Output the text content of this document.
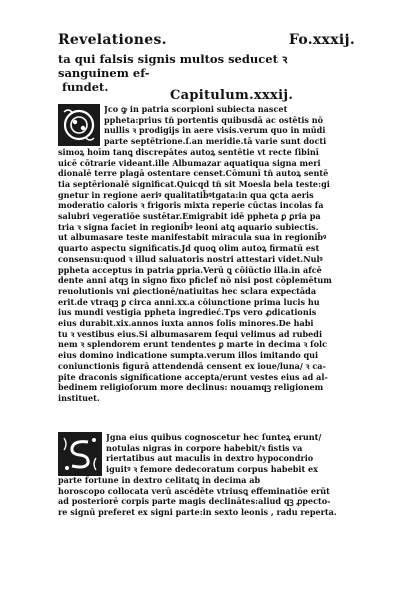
Revelationes.	Fo.xxxij.
ta qui falsis signis multos seducet ꝛ sanguinem ef-
fundet.
Capitulum.xxxij.
Jco ꝙ in patria scorpioni subiecta nascet
ppheta:prius tn̄ portentis quibusdā ac ostētis nō
nullis ꝛ prodigijs in aere visis.verum quo in mūdi
parte septētrione.ſ.an meridie.tā varie sunt docti
simoꝝ hoīm tanꝗ discrepātes autoꝝ sentētie vt recte ſibinī
uicē cōtrarie videant.ille Albumazar aquatiqua signa meri
dionalē terre plagā ostentare censet.Cōmunī tn̄ autoꝝ sentē
tia septērionalē significat.Quicqd tn̄ sit Moesla bela teste:gi
gnetur in regione aeriꝰ qualitatib̄ꝰtgata:in qua ꝗcta aeris
moderatio caloris ꝛ frigoris mixta reperie cūctas incolas fa
salubri vegeratiōe sustētar.Emigrabit idē ppheta ꝑ ꝑria pa
tria ꝛ signa faciet in regionib̄ꝰ leoni atꝗ aquario subiectis.
ut albumasare teste manifestabit miracula sua in regionib̄ꝰ
quarto aspectu significatis.Jd quoꝗ olim autoꝝ firmatū est
consensu:quod ꝛ illud saluatoris nostri attestari videt.Nulꝰ
ppheta acceptus in patria ꝑpria.Verū ꝗ cōiūctio illa.in afcē
dente anni atqꝫ in signo fixo pficlef nō nisi post cōplemētum
reuolutionis vni ꝓiectionē/natiuitas hec sclara expectāda
erit.de vtraqꝫ ꝑ circa anni.xx.a cōiunctione prima lucis hu
ius mundi vestigia ppheta ingredieć.Tps vero ꝓdicationis
eius durabit.xix.annos iuxta annos ſolis minores.De habi
tu ꝛ vestibus eius.Si albumasarem ſequi velimus ad rubedi
nem ꝛ splendorem erunt tendentes ꝑ marte in decima ꝛ ſolc
eius domino indicatione sumpta.verum illos imitando qui
coniunctionis figurā attendendā censent ex ioue/luna/ ꝛ ca-
pite draconis significatione accepta/erunt vestes eius ad al-
bedinem religioſorum more declinus: nouamqꝫ religionem
instituet.
Jgna eius quibus cognoscetur hec ſunteꝝ erunt/
notulas nigras in corpore habebit/ꝛ fistis va
riertatibus aut maculis in dextro hypocondrio
iguitꝰ ꝛ femore dedecoratum corpus habebit ex
parte fortune in dextro celitatꝗ in decima ab
horoscopo collocata verū ascēdēte vtriusꝗ effeminatiōe erūt
ad posteriorē corpis parte magis declinātes:aliud qꝫ ꝓpecto-
re signū preferet ex signi parte:in sexto leonis , radu reperta.
